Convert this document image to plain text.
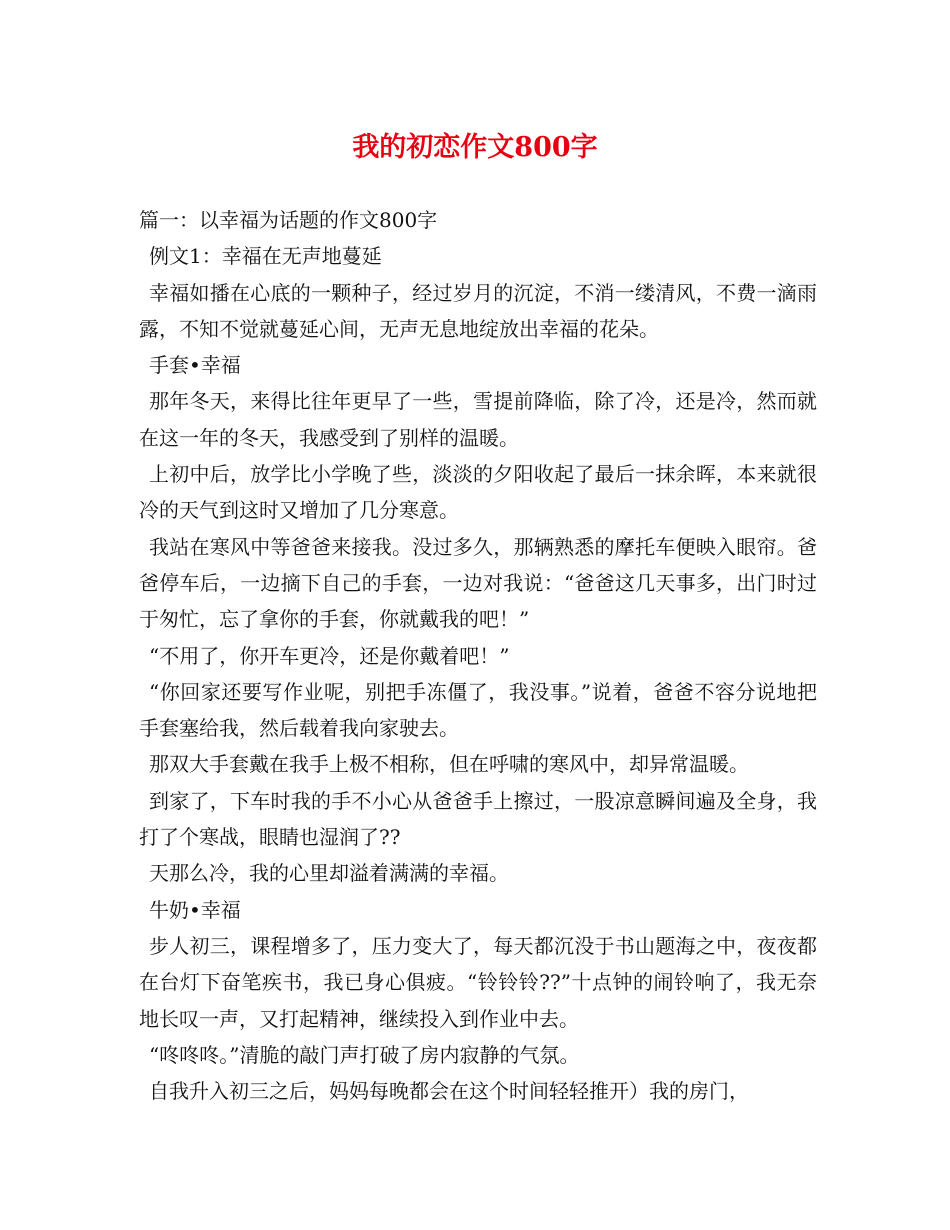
我的初恋作文800字

篇一：以幸福为话题的作文800字

例文1：幸福在无声地蔓延

幸福如播在心底的一颗种子，经过岁月的沉淀，不消一缕清风，不费一滴雨露，不知不觉就蔓延心间，无声无息地绽放出幸福的花朵。

手套•幸福

那年冬天，来得比往年更早了一些，雪提前降临，除了冷，还是冷，然而就在这一年的冬天，我感受到了别样的温暖。

上初中后，放学比小学晚了些，淡淡的夕阳收起了最后一抹余晖，本来就很冷的天气到这时又增加了几分寒意。

我站在寒风中等爸爸来接我。没过多久，那辆熟悉的摩托车便映入眼帘。爸爸停车后，一边摘下自己的手套，一边对我说：“爸爸这几天事多，出门时过于匆忙，忘了拿你的手套，你就戴我的吧！”

“不用了，你开车更冷，还是你戴着吧！”

“你回家还要写作业呢，别把手冻僵了，我没事。”说着，爸爸不容分说地把手套塞给我，然后载着我向家驶去。

那双大手套戴在我手上极不相称，但在呼啸的寒风中，却异常温暖。

到家了，下车时我的手不小心从爸爸手上擦过，一股凉意瞬间遍及全身，我打了个寒战，眼睛也湿润了??

天那么冷，我的心里却溢着满满的幸福。

牛奶•幸福

步人初三，课程增多了，压力变大了，每天都沉没于书山题海之中，夜夜都在台灯下奋笔疾书，我已身心俱疲。“铃铃铃??”十点钟的闹铃响了，我无奈地长叹一声，又打起精神，继续投入到作业中去。

“咚咚咚。”清脆的敲门声打破了房内寂静的气氛。

自我升入初三之后，妈妈每晚都会在这个时间轻轻推开）我的房门，
